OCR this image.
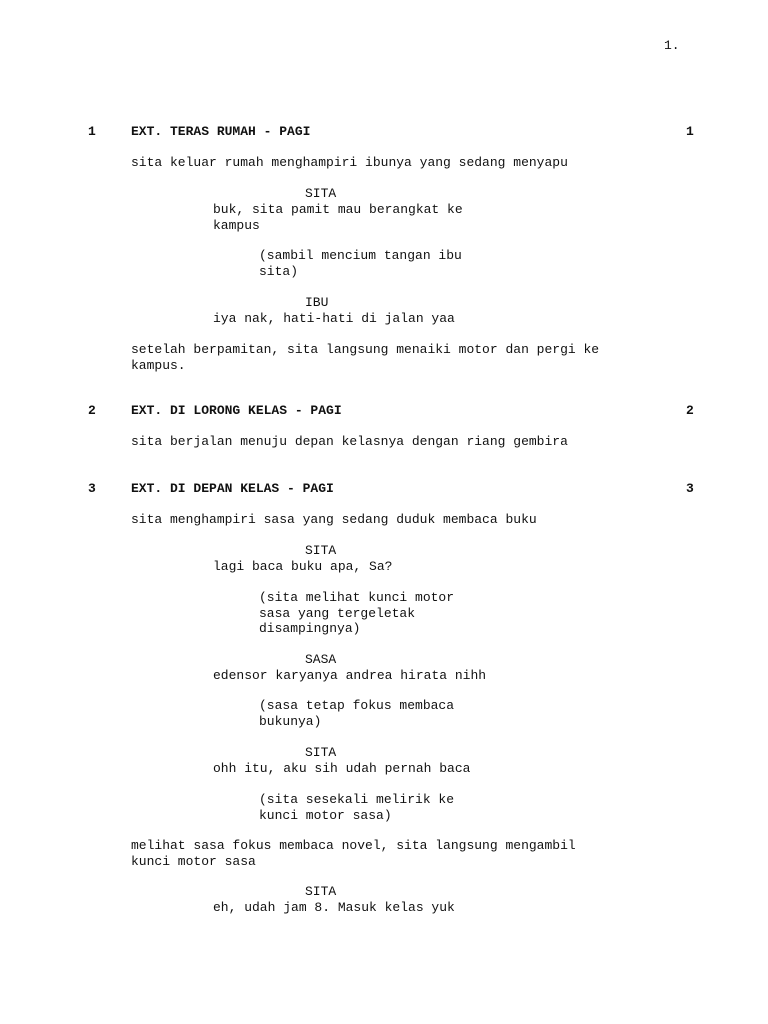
1.
1	EXT. TERAS RUMAH - PAGI	1
sita keluar rumah menghampiri ibunya yang sedang menyapu
SITA
buk, sita pamit mau berangkat ke
kampus
(sambil mencium tangan ibu
sita)
IBU
iya nak, hati-hati di jalan yaa
setelah berpamitan, sita langsung menaiki motor dan pergi ke
kampus.
2	EXT. DI LORONG KELAS - PAGI	2
sita berjalan menuju depan kelasnya dengan riang gembira
3	EXT. DI DEPAN KELAS - PAGI	3
sita menghampiri sasa yang sedang duduk membaca buku
SITA
lagi baca buku apa, Sa?
(sita melihat kunci motor
sasa yang tergeletak
disampingnya)
SASA
edensor karyanya andrea hirata nihh
(sasa tetap fokus membaca
bukunya)
SITA
ohh itu, aku sih udah pernah baca
(sita sesekali melirik ke
kunci motor sasa)
melihat sasa fokus membaca novel, sita langsung mengambil
kunci motor sasa
SITA
eh, udah jam 8. Masuk kelas yuk
